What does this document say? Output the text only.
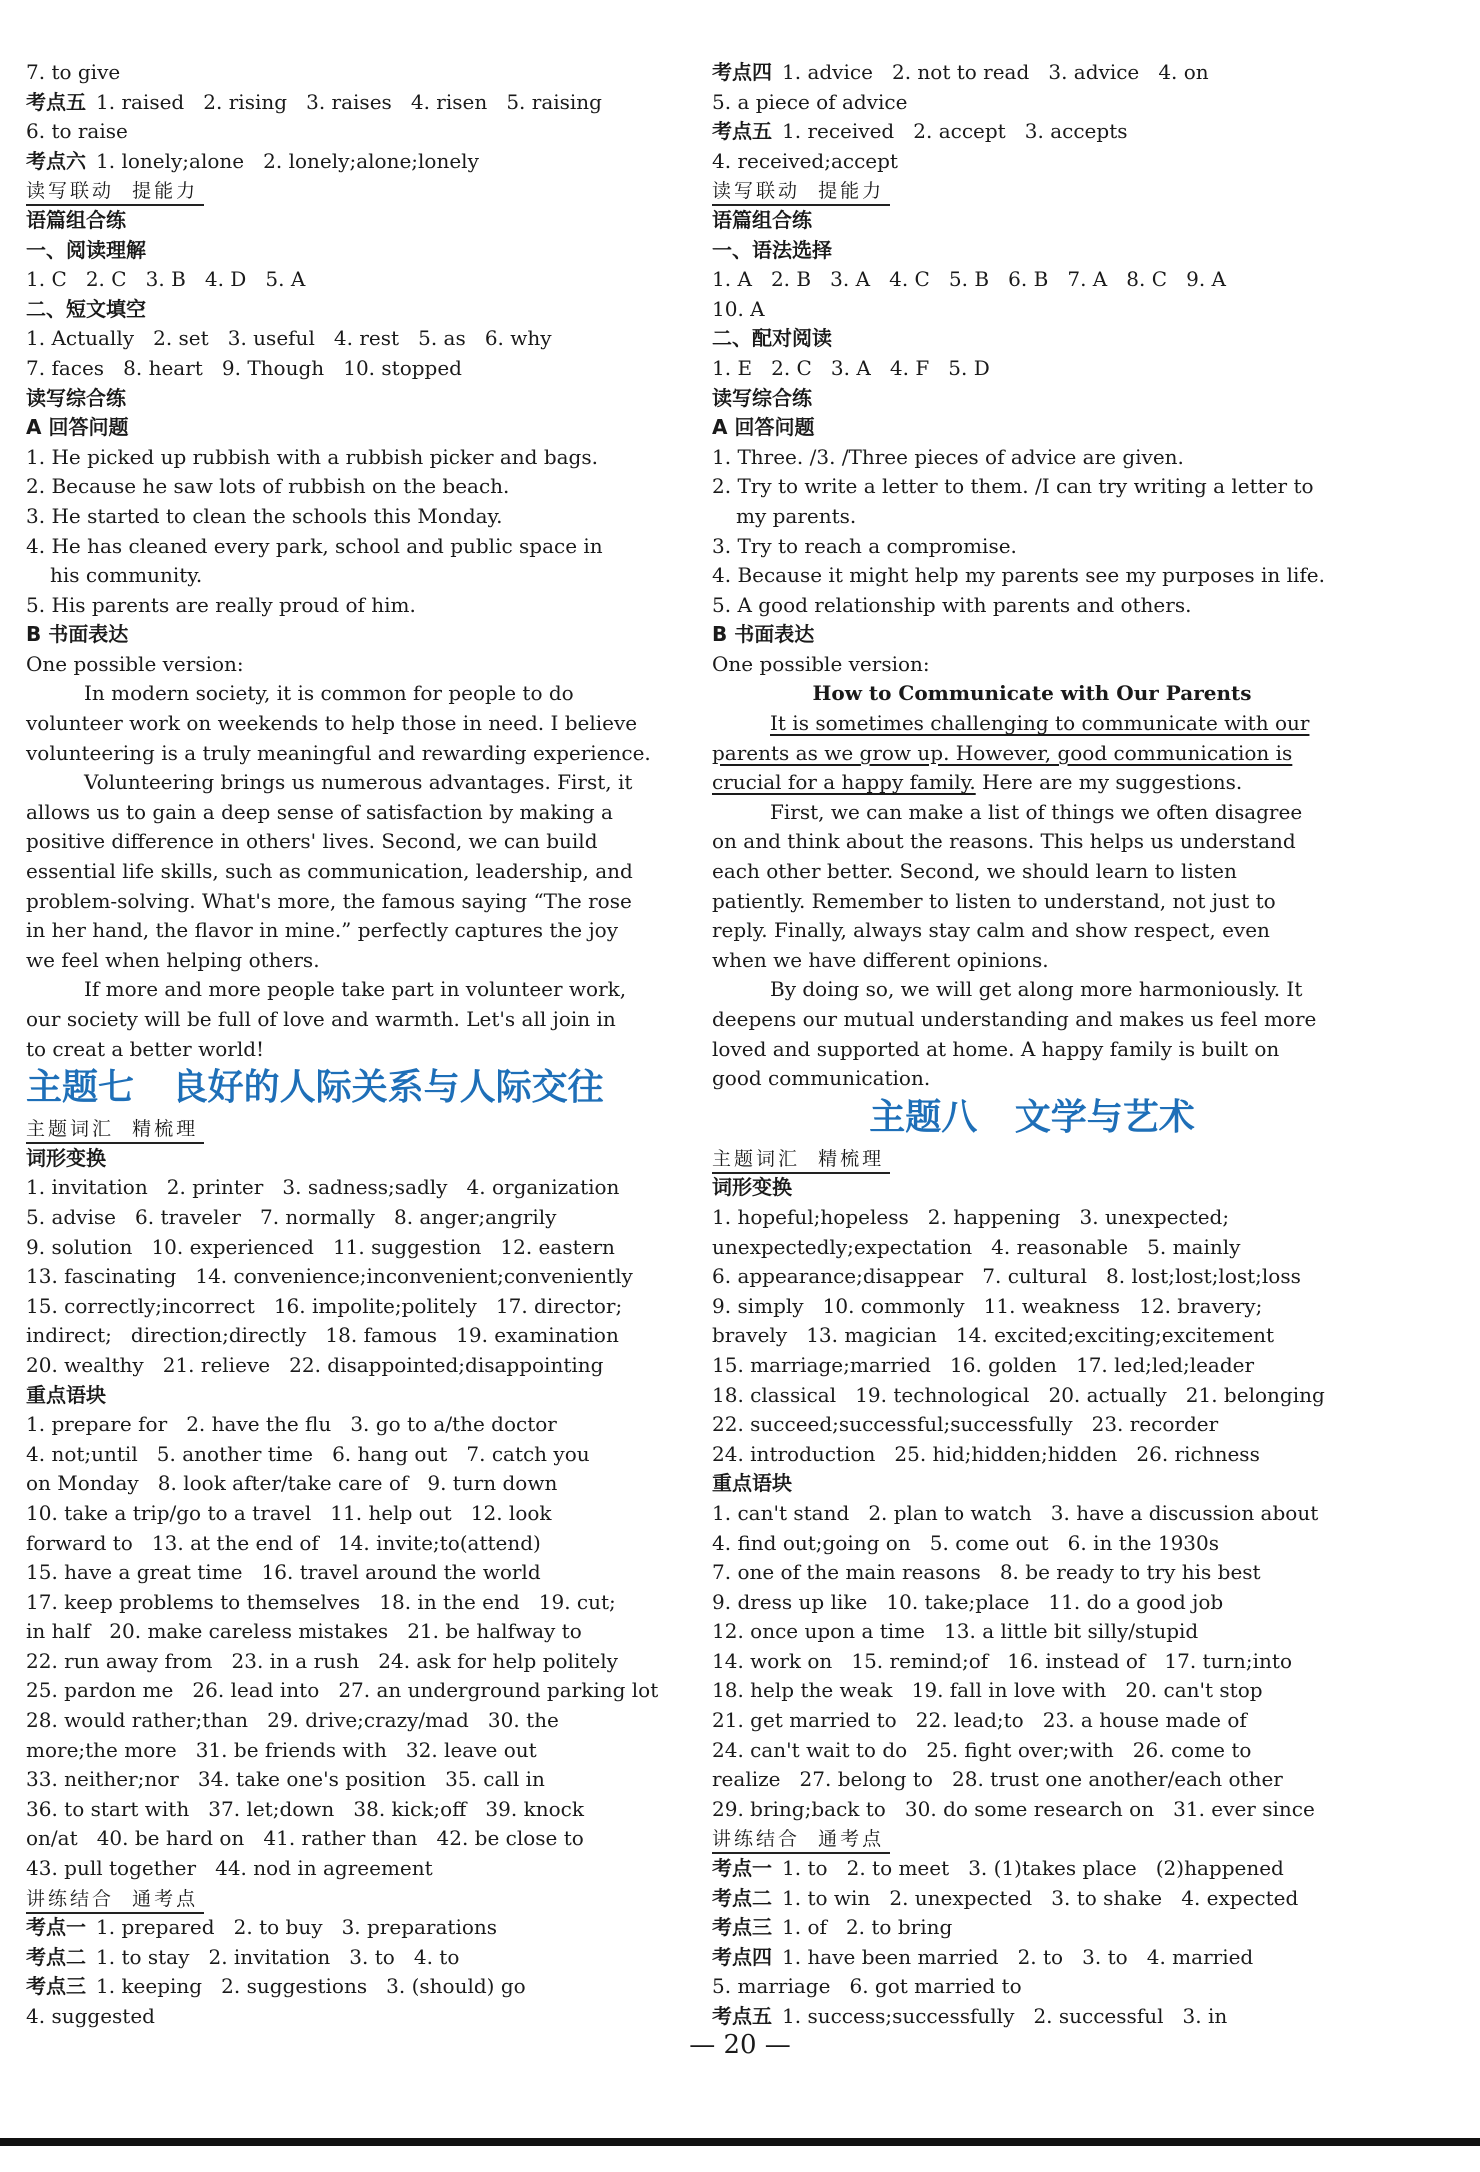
7. to give
考点五 1. raised   2. rising   3. raises   4. risen   5. raising
6. to raise
考点六 1. lonely;alone   2. lonely;alone;lonely
读写联动  提能力
语篇组合练
一、阅读理解
1. C   2. C   3. B   4. D   5. A
二、短文填空
1. Actually   2. set   3. useful   4. rest   5. as   6. why
7. faces   8. heart   9. Though   10. stopped
读写综合练
A 回答问题
1. He picked up rubbish with a rubbish picker and bags.
2. Because he saw lots of rubbish on the beach.
3. He started to clean the schools this Monday.
4. He has cleaned every park, school and public space in
his community.
5. His parents are really proud of him.
B 书面表达
One possible version:
In modern society, it is common for people to do
volunteer work on weekends to help those in need. I believe
volunteering is a truly meaningful and rewarding experience.
Volunteering brings us numerous advantages. First, it
allows us to gain a deep sense of satisfaction by making a
positive difference in others' lives. Second, we can build
essential life skills, such as communication, leadership, and
problem-solving. What's more, the famous saying “The rose
in her hand, the flavor in mine.” perfectly captures the joy
we feel when helping others.
If more and more people take part in volunteer work,
our society will be full of love and warmth. Let's all join in
to creat a better world!
主题七   良好的人际关系与人际交往
主题词汇  精梳理
词形变换
1. invitation   2. printer   3. sadness;sadly   4. organization
5. advise   6. traveler   7. normally   8. anger;angrily
9. solution   10. experienced   11. suggestion   12. eastern
13. fascinating   14. convenience;inconvenient;conveniently
15. correctly;incorrect   16. impolite;politely   17. director;
indirect;   direction;directly   18. famous   19. examination
20. wealthy   21. relieve   22. disappointed;disappointing
重点语块
1. prepare for   2. have the flu   3. go to a/the doctor
4. not;until   5. another time   6. hang out   7. catch you
on Monday   8. look after/take care of   9. turn down
10. take a trip/go to a travel   11. help out   12. look
forward to   13. at the end of   14. invite;to(attend)
15. have a great time   16. travel around the world
17. keep problems to themselves   18. in the end   19. cut;
in half   20. make careless mistakes   21. be halfway to
22. run away from   23. in a rush   24. ask for help politely
25. pardon me   26. lead into   27. an underground parking lot
28. would rather;than   29. drive;crazy/mad   30. the
more;the more   31. be friends with   32. leave out
33. neither;nor   34. take one's position   35. call in
36. to start with   37. let;down   38. kick;off   39. knock
on/at   40. be hard on   41. rather than   42. be close to
43. pull together   44. nod in agreement
讲练结合  通考点
考点一 1. prepared   2. to buy   3. preparations
考点二 1. to stay   2. invitation   3. to   4. to
考点三 1. keeping   2. suggestions   3. (should) go
4. suggested
考点四 1. advice   2. not to read   3. advice   4. on
5. a piece of advice
考点五 1. received   2. accept   3. accepts
4. received;accept
读写联动  提能力
语篇组合练
一、语法选择
1. A   2. B   3. A   4. C   5. B   6. B   7. A   8. C   9. A
10. A
二、配对阅读
1. E   2. C   3. A   4. F   5. D
读写综合练
A 回答问题
1. Three. /3. /Three pieces of advice are given.
2. Try to write a letter to them. /I can try writing a letter to
my parents.
3. Try to reach a compromise.
4. Because it might help my parents see my purposes in life.
5. A good relationship with parents and others.
B 书面表达
One possible version:
How to Communicate with Our Parents
It is sometimes challenging to communicate with our
parents as we grow up. However, good communication is
crucial for a happy family. Here are my suggestions.
First, we can make a list of things we often disagree
on and think about the reasons. This helps us understand
each other better. Second, we should learn to listen
patiently. Remember to listen to understand, not just to
reply. Finally, always stay calm and show respect, even
when we have different opinions.
By doing so, we will get along more harmoniously. It
deepens our mutual understanding and makes us feel more
loved and supported at home. A happy family is built on
good communication.
主题八   文学与艺术
主题词汇  精梳理
词形变换
1. hopeful;hopeless   2. happening   3. unexpected;
unexpectedly;expectation   4. reasonable   5. mainly
6. appearance;disappear   7. cultural   8. lost;lost;lost;loss
9. simply   10. commonly   11. weakness   12. bravery;
bravely   13. magician   14. excited;exciting;excitement
15. marriage;married   16. golden   17. led;led;leader
18. classical   19. technological   20. actually   21. belonging
22. succeed;successful;successfully   23. recorder
24. introduction   25. hid;hidden;hidden   26. richness
重点语块
1. can't stand   2. plan to watch   3. have a discussion about
4. find out;going on   5. come out   6. in the 1930s
7. one of the main reasons   8. be ready to try his best
9. dress up like   10. take;place   11. do a good job
12. once upon a time   13. a little bit silly/stupid
14. work on   15. remind;of   16. instead of   17. turn;into
18. help the weak   19. fall in love with   20. can't stop
21. get married to   22. lead;to   23. a house made of
24. can't wait to do   25. fight over;with   26. come to
realize   27. belong to   28. trust one another/each other
29. bring;back to   30. do some research on   31. ever since
讲练结合  通考点
考点一 1. to   2. to meet   3. (1)takes place   (2)happened
考点二 1. to win   2. unexpected   3. to shake   4. expected
考点三 1. of   2. to bring
考点四 1. have been married   2. to   3. to   4. married
5. marriage   6. got married to
考点五 1. success;successfully   2. successful   3. in
— 20 —
